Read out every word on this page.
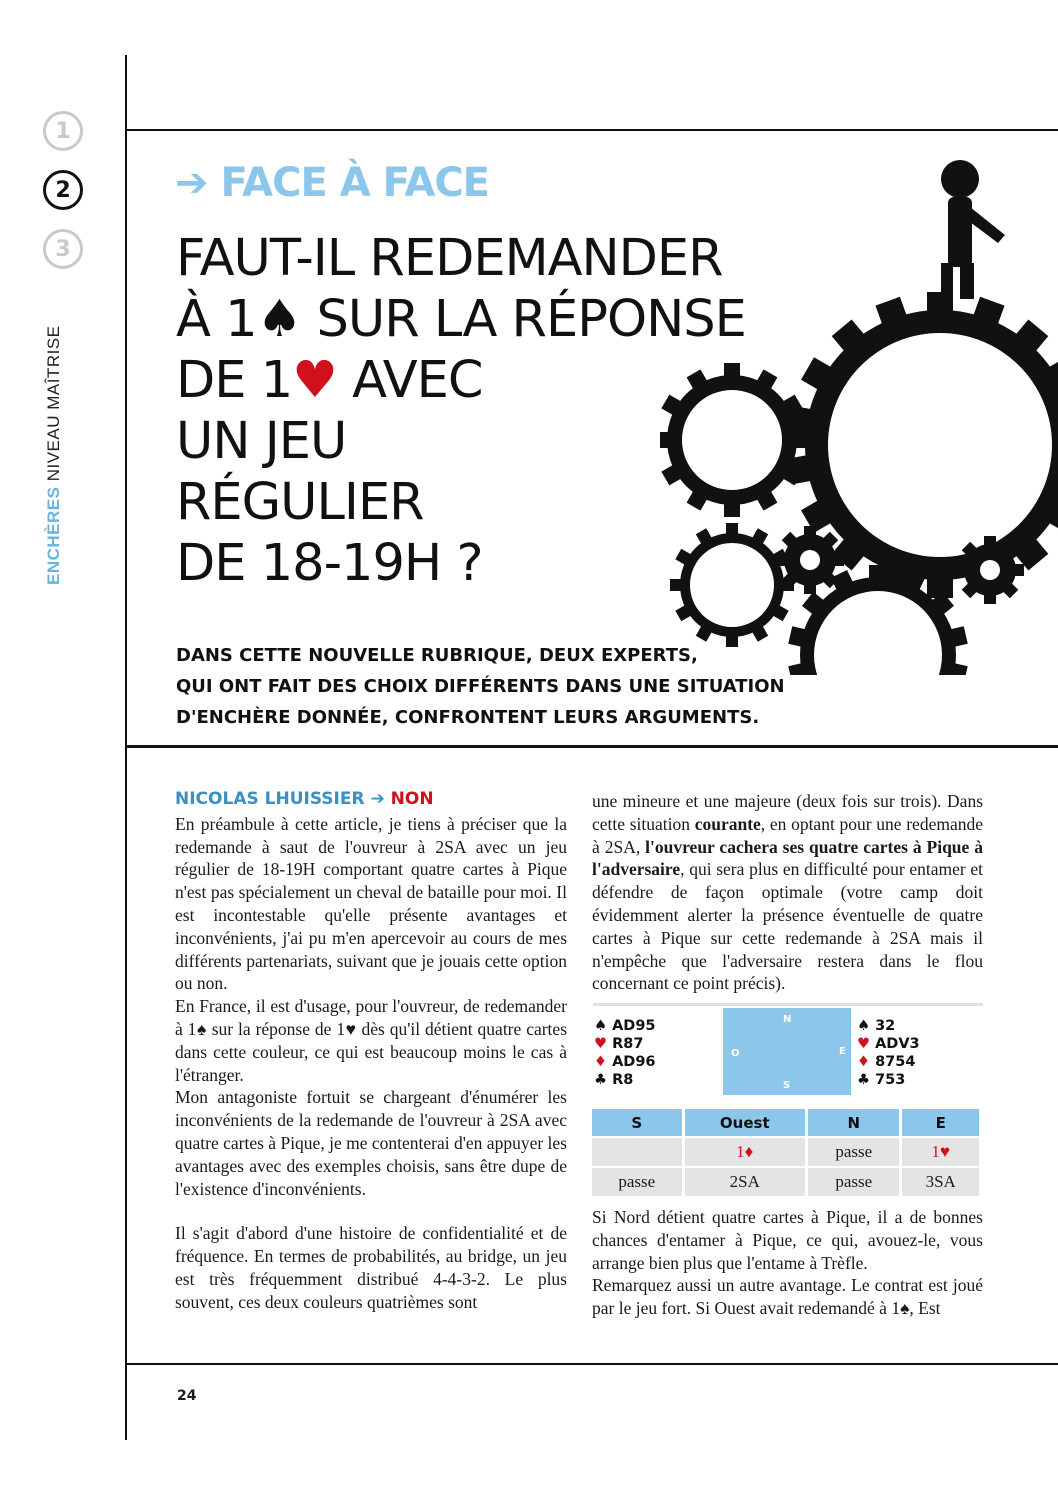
1
2
3
ENCHÈRES NIVEAU MAÎTRISE
➔ FACE À FACE
FAUT-IL REDEMANDER
À 1♠ SUR LA RÉPONSE
DE 1♥ AVEC
UN JEU
RÉGULIER
DE 18-19H ?
DANS CETTE NOUVELLE RUBRIQUE, DEUX EXPERTS,
QUI ONT FAIT DES CHOIX DIFFÉRENTS DANS UNE SITUATION
D'ENCHÈRE DONNÉE, CONFRONTENT LEURS ARGUMENTS.
NICOLAS LHUISSIER ➔ NON

En préambule à cette article, je tiens à préciser que la redemande à saut de l'ouvreur à 2SA avec un jeu régulier de 18-19H comportant quatre cartes à Pique n'est pas spécialement un cheval de bataille pour moi. Il est incontestable qu'elle présente avantages et inconvénients, j'ai pu m'en apercevoir au cours de mes différents partenariats, suivant que je jouais cette option ou non.

En France, il est d'usage, pour l'ouvreur, de redemander à 1♠ sur la réponse de 1♥ dès qu'il détient quatre cartes dans cette couleur, ce qui est beaucoup moins le cas à l'étranger.

Mon antagoniste fortuit se chargeant d'énumérer les inconvénients de la redemande de l'ouvreur à 2SA avec quatre cartes à Pique, je me contenterai d'en appuyer les avantages avec des exemples choisis, sans être dupe de l'existence d'inconvénients.

Il s'agit d'abord d'une histoire de confidentialité et de fréquence. En termes de probabilités, au bridge, un jeu est très fréquemment distribué 4-4-3-2. Le plus souvent, ces deux couleurs quatrièmes sont

une mineure et une majeure (deux fois sur trois). Dans cette situation courante, en optant pour une redemande à 2SA, l'ouvreur cachera ses quatre cartes à Pique à l'adversaire, qui sera plus en difficulté pour entamer et défendre de façon optimale (votre camp doit évidemment alerter la présence éventuelle de quatre cartes à Pique sur cette redemande à 2SA mais il n'empêche que l'adversaire restera dans le flou concernant ce point précis).

♠ AD95
♥ R87
♦ AD96
♣ R8
N
O	E
S
♠ 32
♥ ADV3
♦ 8754
♣ 753
S	Ouest	N	E
	1♦	passe	1♥
passe	2SA	passe	3SA

Si Nord détient quatre cartes à Pique, il a de bonnes chances d'entamer à Pique, ce qui, avouez-le, vous arrange bien plus que l'entame à Trèfle.

Remarquez aussi un autre avantage. Le contrat est joué par le jeu fort. Si Ouest avait redemandé à 1♠, Est

24
